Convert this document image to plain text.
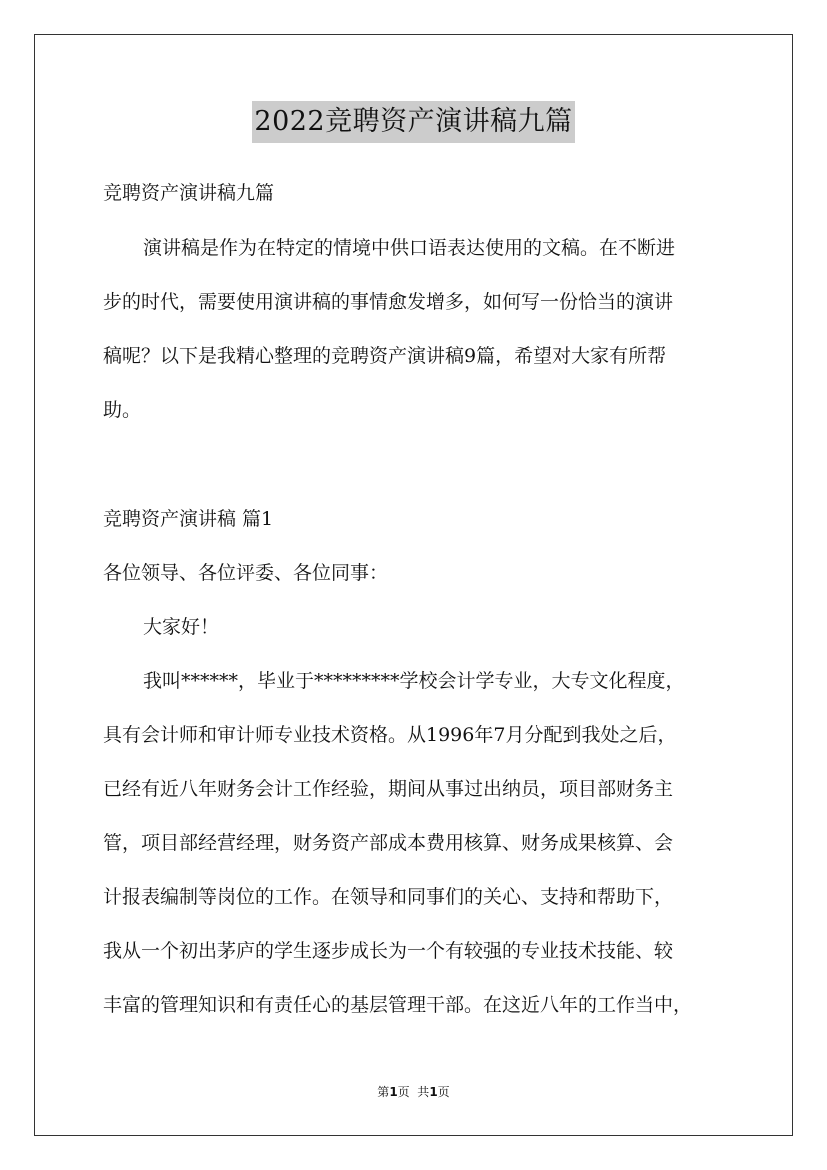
2022竞聘资产演讲稿九篇
竞聘资产演讲稿九篇
演讲稿是作为在特定的情境中供口语表达使用的文稿。在不断进
步的时代，需要使用演讲稿的事情愈发增多，如何写一份恰当的演讲
稿呢？以下是我精心整理的竞聘资产演讲稿9篇，希望对大家有所帮
助。
竞聘资产演讲稿 篇1
各位领导、各位评委、各位同事：
大家好！
我叫******，毕业于*********学校会计学专业，大专文化程度，
具有会计师和审计师专业技术资格。从1996年7月分配到我处之后，
已经有近八年财务会计工作经验，期间从事过出纳员，项目部财务主
管，项目部经营经理，财务资产部成本费用核算、财务成果核算、会
计报表编制等岗位的工作。在领导和同事们的关心、支持和帮助下，
我从一个初出茅庐的学生逐步成长为一个有较强的专业技术技能、较
丰富的管理知识和有责任心的基层管理干部。在这近八年的工作当中，
第1页  共1页
